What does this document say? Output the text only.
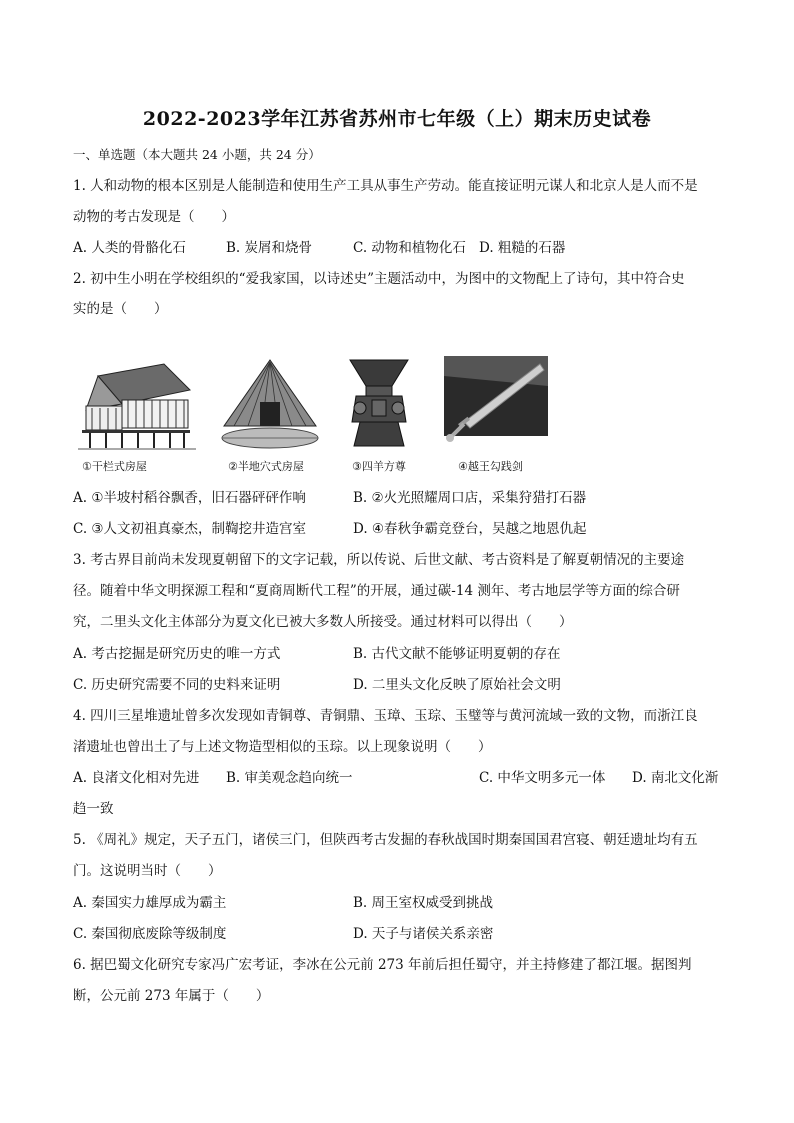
2022-2023学年江苏省苏州市七年级（上）期末历史试卷
一、单选题（本大题共 24 小题，共 24 分）
1. 人和动物的根本区别是人能制造和使用生产工具从事生产劳动。能直接证明元谋人和北京人是人而不是
动物的考古发现是（　　）
A. 人类的骨骼化石	B. 炭屑和烧骨	C. 动物和植物化石 D. 粗糙的石器
2. 初中生小明在学校组织的“爱我家国，以诗述史”主题活动中，为图中的文物配上了诗句，其中符合史
实的是（　　）
①干栏式房屋	②半地穴式房屋	③四羊方尊	④越王勾践剑
A. ①半坡村稻谷飘香，旧石器砰砰作响	B. ②火光照耀周口店，采集狩猎打石器
C. ③人文初祖真豪杰，制鞫挖井造宫室	D. ④春秋争霸竞登台，吴越之地恩仇起
3. 考古界目前尚未发现夏朝留下的文字记载，所以传说、后世文献、考古资料是了解夏朝情况的主要途
径。随着中华文明探源工程和“夏商周断代工程”的开展，通过碳-14 测年、考古地层学等方面的综合研
究，二里头文化主体部分为夏文化已被大多数人所接受。通过材料可以得出（　　）
A. 考古挖掘是研究历史的唯一方式	B. 古代文献不能够证明夏朝的存在
C. 历史研究需要不同的史料来证明	D. 二里头文化反映了原始社会文明
4. 四川三星堆遗址曾多次发现如青铜尊、青铜鼎、玉璋、玉琮、玉璧等与黄河流域一致的文物，而浙江良
渚遗址也曾出土了与上述文物造型相似的玉琮。以上现象说明（　　）
A. 良渚文化相对先进 B. 审美观念趋向统一	C. 中华文明多元一体 D. 南北文化渐
趋一致
5. 《周礼》规定，天子五门，诸侯三门，但陕西考古发掘的春秋战国时期秦国国君宫寝、朝廷遗址均有五
门。这说明当时（　　）
A. 秦国实力雄厚成为霸主	B. 周王室权威受到挑战
C. 秦国彻底废除等级制度	D. 天子与诸侯关系亲密
6. 据巴蜀文化研究专家冯广宏考证，李冰在公元前 273 年前后担任蜀守，并主持修建了都江堰。据图判
断，公元前 273 年属于（　　）
